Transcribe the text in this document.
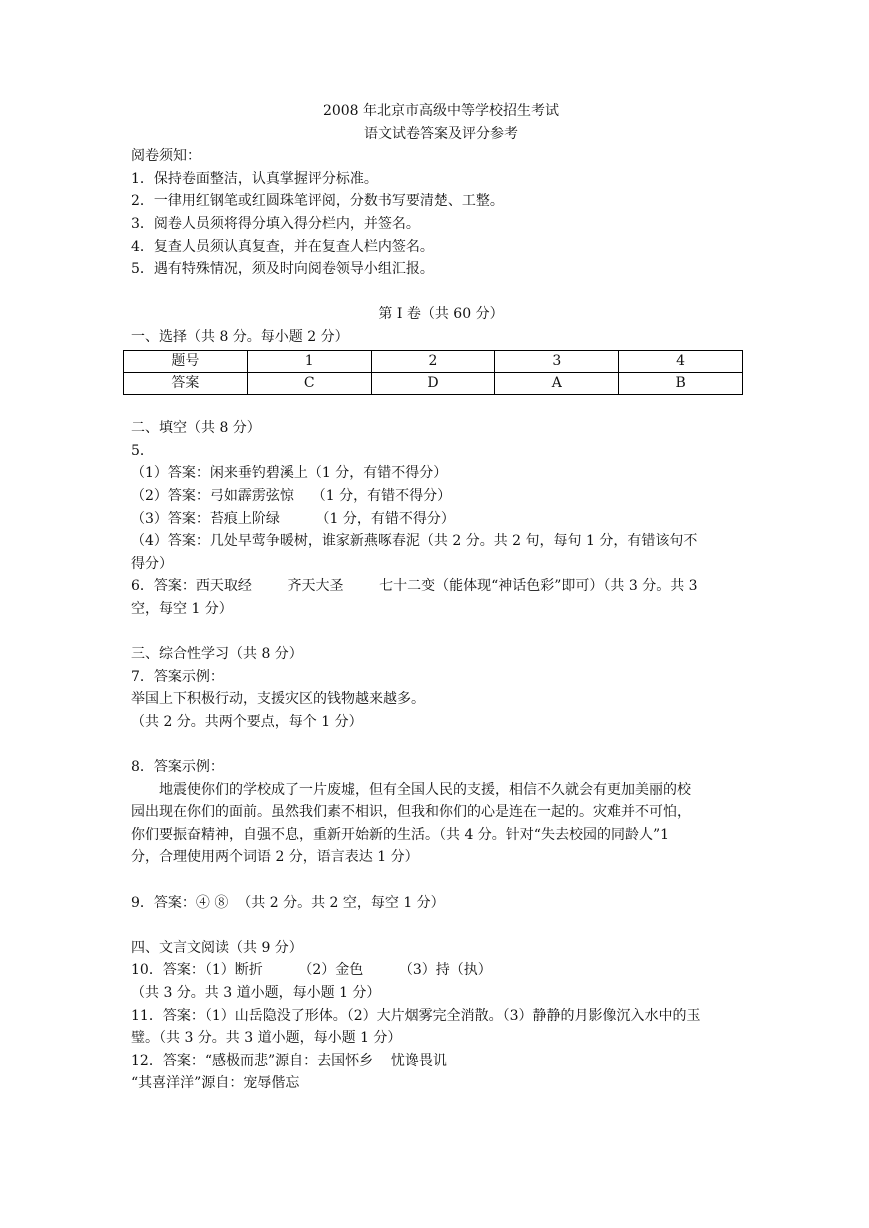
2008 年北京市高级中等学校招生考试

语文试卷答案及评分参考

阅卷须知：

1．保持卷面整洁，认真掌握评分标准。

2．一律用红钢笔或红圆珠笔评阅，分数书写要清楚、工整。

3．阅卷人员须将得分填入得分栏内，并签名。

4．复查人员须认真复查，并在复查人栏内签名。

5．遇有特殊情况，须及时向阅卷领导小组汇报。

第 I 卷（共 60 分）

一、选择（共 8 分。每小题 2 分）

题号	1	2	3	4
答案	C	D	A	B

二、填空（共 8 分）

5．

（1）答案：闲来垂钓碧溪上（1 分，有错不得分）

（2）答案：弓如霹雳弦惊    （1 分，有错不得分）

（3）答案：苔痕上阶绿        （1 分，有错不得分）

（4）答案：几处早莺争暖树，谁家新燕啄春泥（共 2 分。共 2 句，每句 1 分，有错该句不

得分）

6．答案：西天取经        齐天大圣        七十二变（能体现“神话色彩”即可）（共 3 分。共 3

空，每空 1 分）

三、综合性学习（共 8 分）

7．答案示例：

举国上下积极行动，支援灾区的钱物越来越多。

（共 2 分。共两个要点，每个 1 分）

8．答案示例：

地震使你们的学校成了一片废墟，但有全国人民的支援，相信不久就会有更加美丽的校

园出现在你们的面前。虽然我们素不相识，但我和你们的心是连在一起的。灾难并不可怕，

你们要振奋精神，自强不息，重新开始新的生活。（共 4 分。针对“失去校园的同龄人”1

分，合理使用两个词语 2 分，语言表达 1 分）

9．答案：④ ⑧  （共 2 分。共 2 空，每空 1 分）

四、文言文阅读（共 9 分）

10．答案：（1）断折        （2）金色        （3）持（执）

（共 3 分。共 3 道小题，每小题 1 分）

11．答案：（1）山岳隐没了形体。（2）大片烟雾完全消散。（3）静静的月影像沉入水中的玉

璧。（共 3 分。共 3 道小题，每小题 1 分）

12．答案：“感极而悲”源自：去国怀乡    忧谗畏讥

“其喜洋洋”源自：宠辱偕忘
